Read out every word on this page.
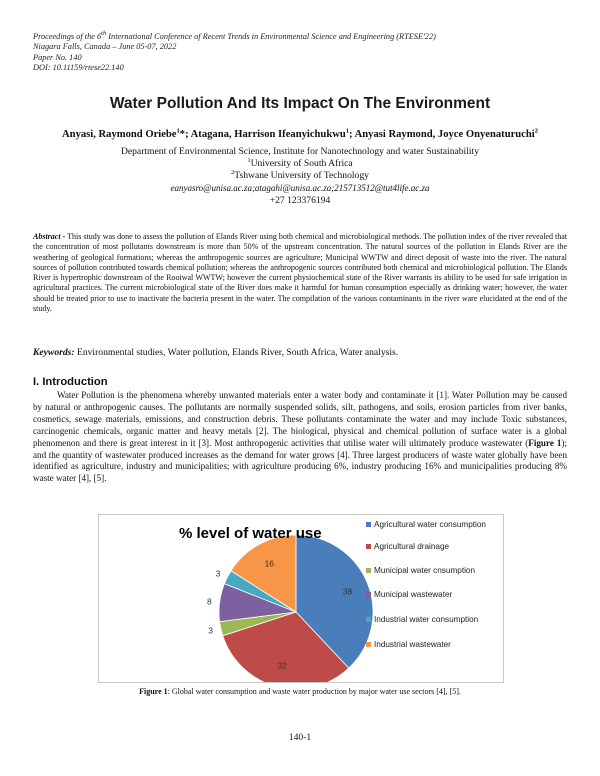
Proceedings of the 6th International Conference of Recent Trends in Environmental Science and Engineering (RTESE'22)
Niagara Falls, Canada – June 05-07, 2022
Paper No. 140
DOI: 10.11159/rtese22.140
Water Pollution And Its Impact On The Environment
Anyasi, Raymond Oriebe$^1$*; Atagana, Harrison Ifeanyichukwu$^1$; Anyasi Raymond, Joyce Onyenaturuchi$^2$
Department of Environmental Science, Institute for Nanotechnology and water Sustainability
$^1$University of South Africa
$^2$Tshwane University of Technology
eanyasro@unisa.ac.za;atagahi@unisa.ac.za;215713512@tut4life.ac.za
+27 123376194
Abstract - This study was done to assess the pollution of Elands River using both chemical and microbiological methods. The pollution index of the river revealed that the concentration of most pollutants downstream is more than 50% of the upstream concentration. The natural sources of the pollution in Elands River are the weathering of geological formations; whereas the anthropogenic sources are agriculture; Municipal WWTW and direct deposit of waste into the river. The natural sources of pollution contributed towards chemical pollution; whereas the anthropogenic sources contributed both chemical and microbiological pollution. The Elands River is hypertrophic downstream of the Rooiwal WWTW; however the current physiochemical state of the River warrants its ability to be used for safe irrigation in agricultural practices. The current microbiological state of the River does make it harmful for human consumption especially as drinking water; however, the water should be treated prior to use to inactivate the bacteria present in the water. The compilation of the various contaminants in the river ware elucidated at the end of the study.
Keywords: Environmental studies, Water pollution, Elands River, South Africa, Water analysis.
I. Introduction
Water Pollution is the phenomena whereby unwanted materials enter a water body and contaminate it [1]. Water Pollution may be caused by natural or anthropogenic causes. The pollutants are normally suspended solids, silt, pathogens, and soils, erosion particles from river banks, cosmetics, sewage materials, emissions, and construction debris. These pollutants contaminate the water and may include Toxic substances, carcinogenic chemicals, organic matter and heavy metals [2]. The biological, physical and chemical pollution of surface water is a global phenomenon and there is great interest in it [3]. Most anthropogenic activities that utilise water will ultimately produce wastewater (Figure 1); and the quantity of wastewater produced increases as the demand for water grows [4]. Three largest producers of waste water globally have been identified as agriculture, industry and municipalities; with agriculture producing 6%, industry producing 16% and municipalities producing 8% waste water [4], [5].
38
32
3
8
3
16
% level of water use
Agricultural water consumption
Agricultural drainage
Municipal water cnsumption
Municipal wastewater
Industrial water consumption
Industrial wastewater
Figure 1: Global water consumption and waste water production by major water use sectors [4], [5].
140-1
